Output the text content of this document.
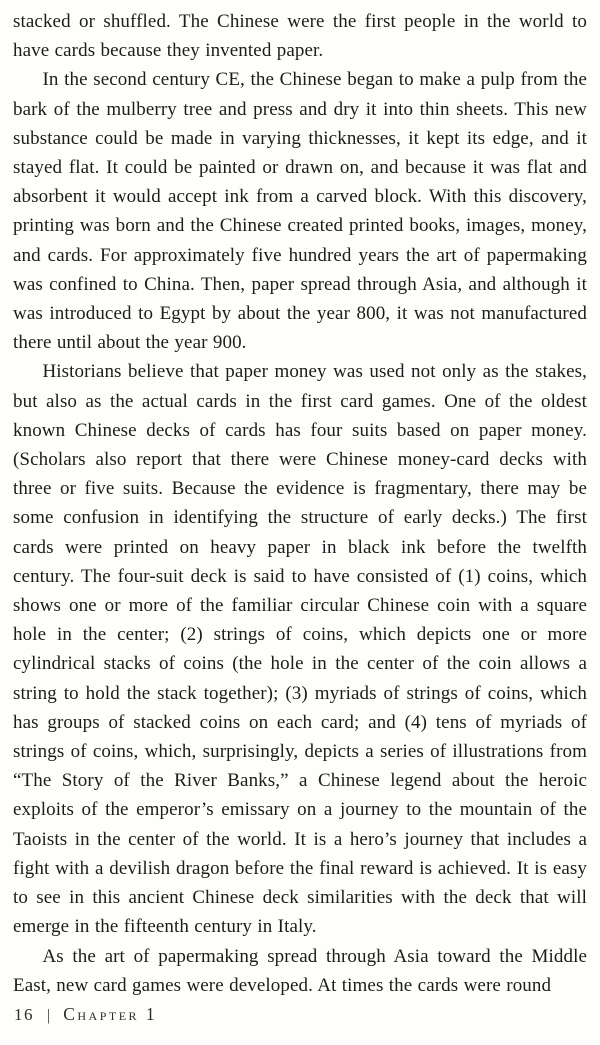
stacked or shuffled. The Chinese were the first people in the world to have cards because they invented paper.

In the second century CE, the Chinese began to make a pulp from the bark of the mulberry tree and press and dry it into thin sheets. This new substance could be made in varying thicknesses, it kept its edge, and it stayed flat. It could be painted or drawn on, and because it was flat and absorbent it would accept ink from a carved block. With this discovery, printing was born and the Chinese created printed books, images, money, and cards. For approximately five hundred years the art of papermaking was confined to China. Then, paper spread through Asia, and although it was introduced to Egypt by about the year 800, it was not manufactured there until about the year 900.

Historians believe that paper money was used not only as the stakes, but also as the actual cards in the first card games. One of the oldest known Chinese decks of cards has four suits based on paper money. (Scholars also report that there were Chinese money-card decks with three or five suits. Because the evidence is fragmentary, there may be some confusion in identifying the structure of early decks.) The first cards were printed on heavy paper in black ink before the twelfth century. The four-suit deck is said to have consisted of (1) coins, which shows one or more of the familiar circular Chinese coin with a square hole in the center; (2) strings of coins, which depicts one or more cylindrical stacks of coins (the hole in the center of the coin allows a string to hold the stack together); (3) myriads of strings of coins, which has groups of stacked coins on each card; and (4) tens of myriads of strings of coins, which, surprisingly, depicts a series of illustrations from “The Story of the River Banks,” a Chinese legend about the heroic exploits of the emperor’s emissary on a journey to the mountain of the Taoists in the center of the world. It is a hero’s journey that includes a fight with a devilish dragon before the final reward is achieved. It is easy to see in this ancient Chinese deck similarities with the deck that will emerge in the fifteenth century in Italy.

As the art of papermaking spread through Asia toward the Middle East, new card games were developed. At times the cards were round

16 | Chapter 1
